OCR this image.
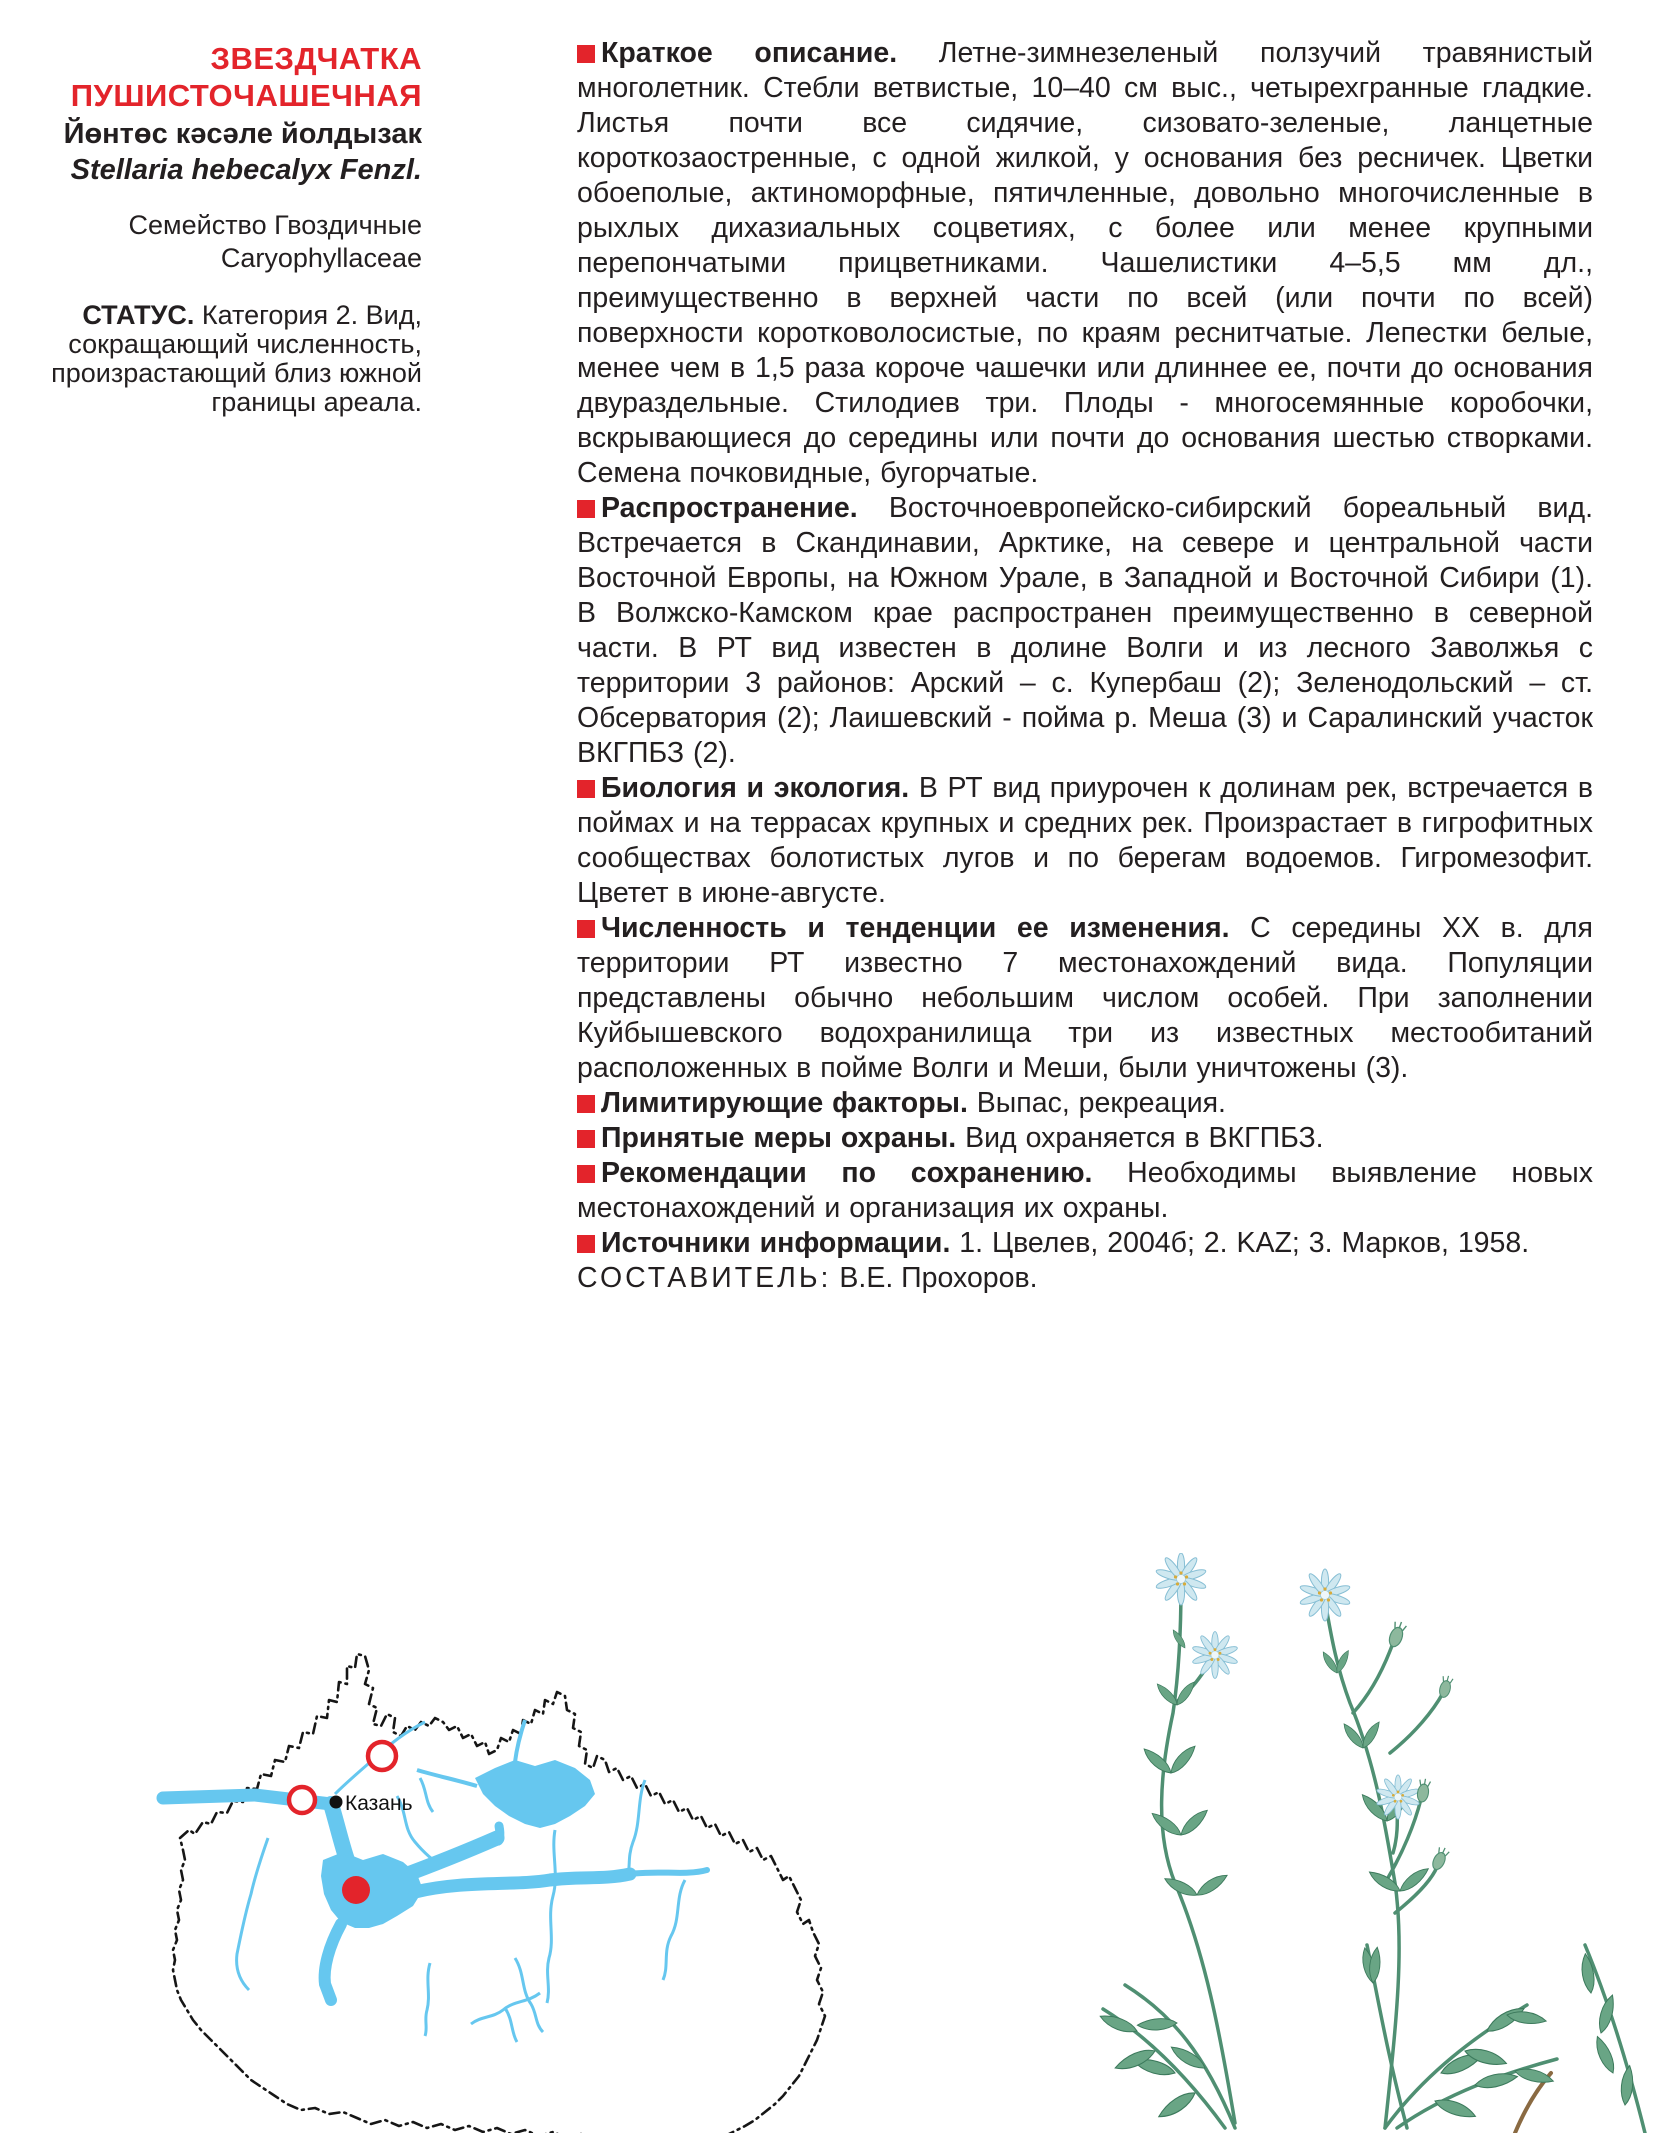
ЗВЕЗДЧАТКА
ПУШИСТОЧАШЕЧНАЯ
Йөнтөс кәсәле йолдызак
Stellaria hebecalyx Fenzl.
Семейство Гвоздичные
Caryophyllaceae

СТАТУС. Категория 2. Вид, сокращающий численность, произрастающий близ южной границы ареала.

Краткое описание. Летне-зимнезеленый ползучий травянистый многолетник. Стебли ветвистые, 10–40 см выс., четырехгранные гладкие. Листья почти все сидячие, сизовато-зеленые, ланцетные короткозаостренные, с одной жилкой, у основания без ресничек. Цветки обоеполые, актиноморфные, пятичленные, довольно многочисленные в рыхлых дихазиальных соцветиях, с более или менее крупными перепончатыми прицветниками. Чашелистики 4–5,5 мм дл., преимущественно в верхней части по всей (или почти по всей) поверхности коротковолосистые, по краям реснитчатые. Лепестки белые, менее чем в 1,5 раза короче чашечки или длиннее ее, почти до основания двураздельные. Стилодиев три. Плоды - многосемянные коробочки, вскрывающиеся до середины или почти до основания шестью створками. Семена почковидные, бугорчатые.

Распространение. Восточноевропейско-сибирский бореальный вид. Встречается в Скандинавии, Арктике, на севере и центральной части Восточной Европы, на Южном Урале, в Западной и Восточной Сибири (1). В Волжско-Камском крае распространен преимущественно в северной части. В РТ вид известен в долине Волги и из лесного Заволжья с территории 3 районов: Арский – с. Купербаш (2); Зеленодольский – ст. Обсерватория (2); Лаишевский - пойма р. Меша (3) и Саралинский участок ВКГПБЗ (2).

Биология и экология. В РТ вид приурочен к долинам рек, встречается в поймах и на террасах крупных и средних рек. Произрастает в гигрофитных сообществах болотистых лугов и по берегам водоемов. Гигромезофит. Цветет в июне-августе.

Численность и тенденции ее изменения. С середины XX в. для территории РТ известно 7 местонахождений вида. Популяции представлены обычно небольшим числом особей. При заполнении Куйбышевского водохранилища три из известных местообитаний расположенных в пойме Волги и Меши, были уничтожены (3).

Лимитирующие факторы. Выпас, рекреация.

Принятые меры охраны. Вид охраняется в ВКГПБЗ.

Рекомендации по сохранению. Необходимы выявление новых местонахождений и организация их охраны.

Источники информации. 1. Цвелев, 2004б; 2. KAZ; 3. Марков, 1958.

СОСТАВИТЕЛЬ: В.Е. Прохоров.

Казань
